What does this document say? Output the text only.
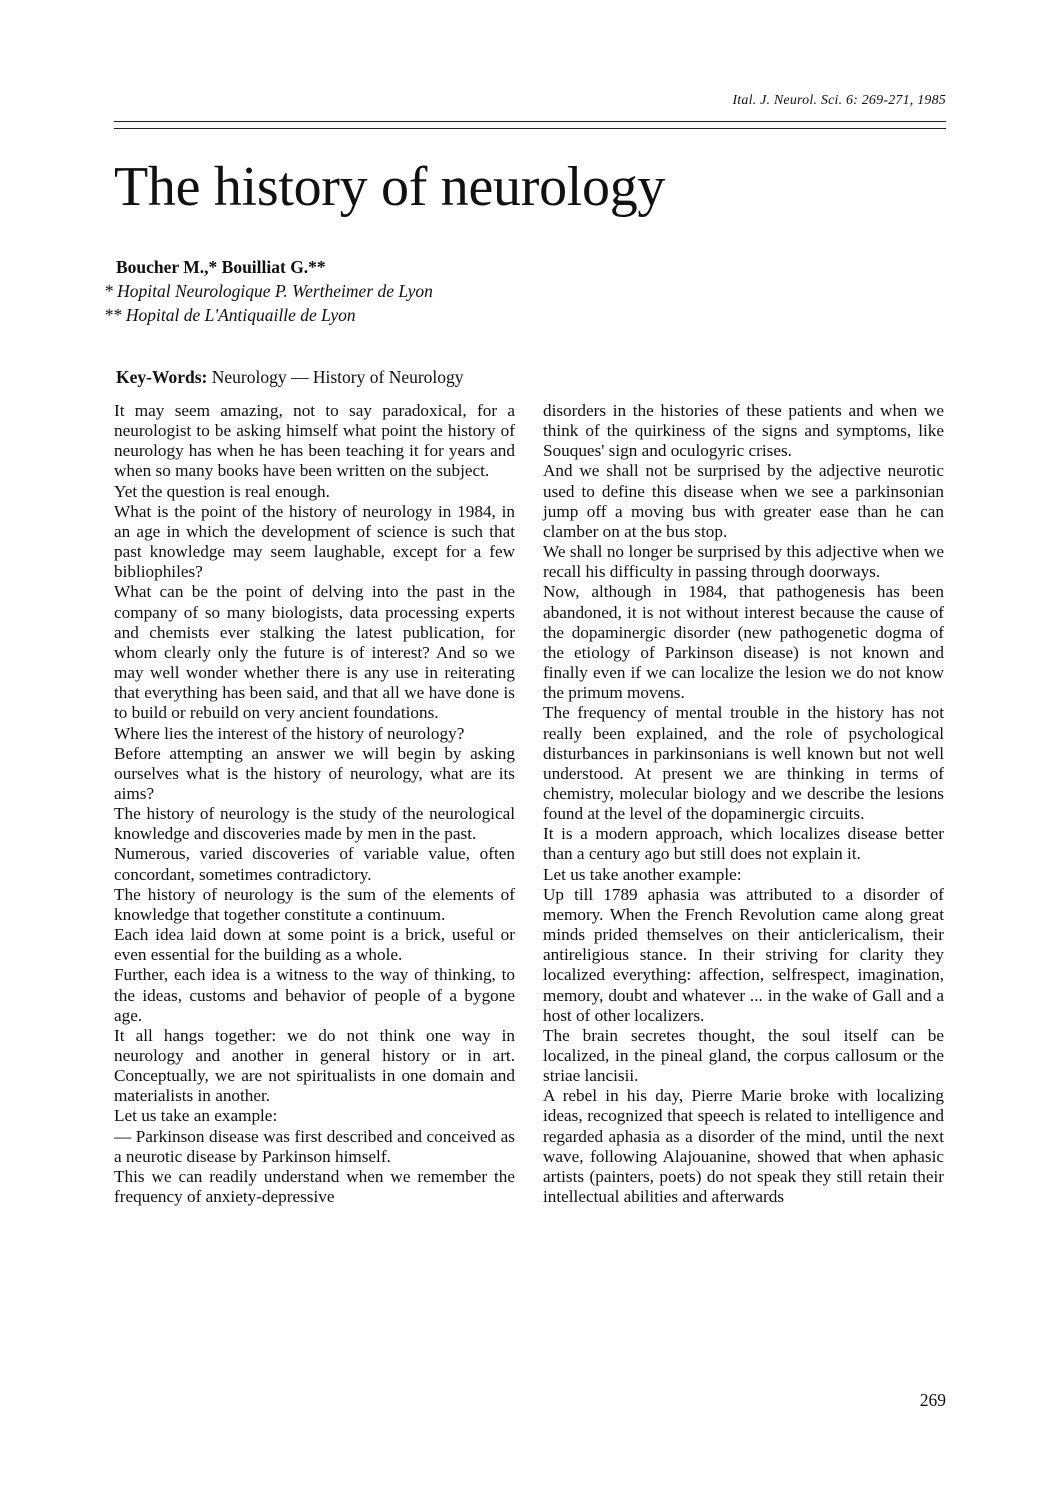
Ital. J. Neurol. Sci. 6: 269-271, 1985
The history of neurology
Boucher M.,* Bouilliat G.**
* Hopital Neurologique P. Wertheimer de Lyon
** Hopital de L'Antiquaille de Lyon
Key-Words: Neurology — History of Neurology

It may seem amazing, not to say paradoxical, for a neurologist to be asking himself what point the history of neurology has when he has been teaching it for years and when so many books have been written on the subject.

Yet the question is real enough.

What is the point of the history of neurology in 1984, in an age in which the development of science is such that past knowledge may seem laughable, except for a few bibliophiles?

What can be the point of delving into the past in the company of so many biologists, data processing experts and chemists ever stalking the latest publication, for whom clearly only the future is of interest? And so we may well wonder whether there is any use in reiterating that everything has been said, and that all we have done is to build or rebuild on very ancient foundations.

Where lies the interest of the history of neurology?

Before attempting an answer we will begin by asking ourselves what is the history of neurology, what are its aims?

The history of neurology is the study of the neurological knowledge and discoveries made by men in the past.

Numerous, varied discoveries of variable value, often concordant, sometimes contradictory.

The history of neurology is the sum of the elements of knowledge that together constitute a continuum.

Each idea laid down at some point is a brick, useful or even essential for the building as a whole.

Further, each idea is a witness to the way of thinking, to the ideas, customs and behavior of people of a bygone age.

It all hangs together: we do not think one way in neurology and another in general history or in art. Conceptually, we are not spiritualists in one domain and materialists in another.

Let us take an example:

— Parkinson disease was first described and conceived as a neurotic disease by Parkinson himself.

This we can readily understand when we remember the frequency of anxiety-depressive

disorders in the histories of these patients and when we think of the quirkiness of the signs and symptoms, like Souques' sign and oculogyric crises.

And we shall not be surprised by the adjective neurotic used to define this disease when we see a parkinsonian jump off a moving bus with greater ease than he can clamber on at the bus stop.

We shall no longer be surprised by this adjective when we recall his difficulty in passing through doorways.

Now, although in 1984, that pathogenesis has been abandoned, it is not without interest because the cause of the dopaminergic disorder (new pathogenetic dogma of the etiology of Parkinson disease) is not known and finally even if we can localize the lesion we do not know the primum movens.

The frequency of mental trouble in the history has not really been explained, and the role of psychological disturbances in parkinsonians is well known but not well understood. At present we are thinking in terms of chemistry, molecular biology and we describe the lesions found at the level of the dopaminergic circuits.

It is a modern approach, which localizes disease better than a century ago but still does not explain it.

Let us take another example:

Up till 1789 aphasia was attributed to a disorder of memory. When the French Revolution came along great minds prided themselves on their anticlericalism, their antireligious stance. In their striving for clarity they localized everything: affection, selfrespect, imagination, memory, doubt and whatever ... in the wake of Gall and a host of other localizers.

The brain secretes thought, the soul itself can be localized, in the pineal gland, the corpus callosum or the striae lancisii.

A rebel in his day, Pierre Marie broke with localizing ideas, recognized that speech is related to intelligence and regarded aphasia as a disorder of the mind, until the next wave, following Alajouanine, showed that when aphasic artists (painters, poets) do not speak they still retain their intellectual abilities and afterwards

269
